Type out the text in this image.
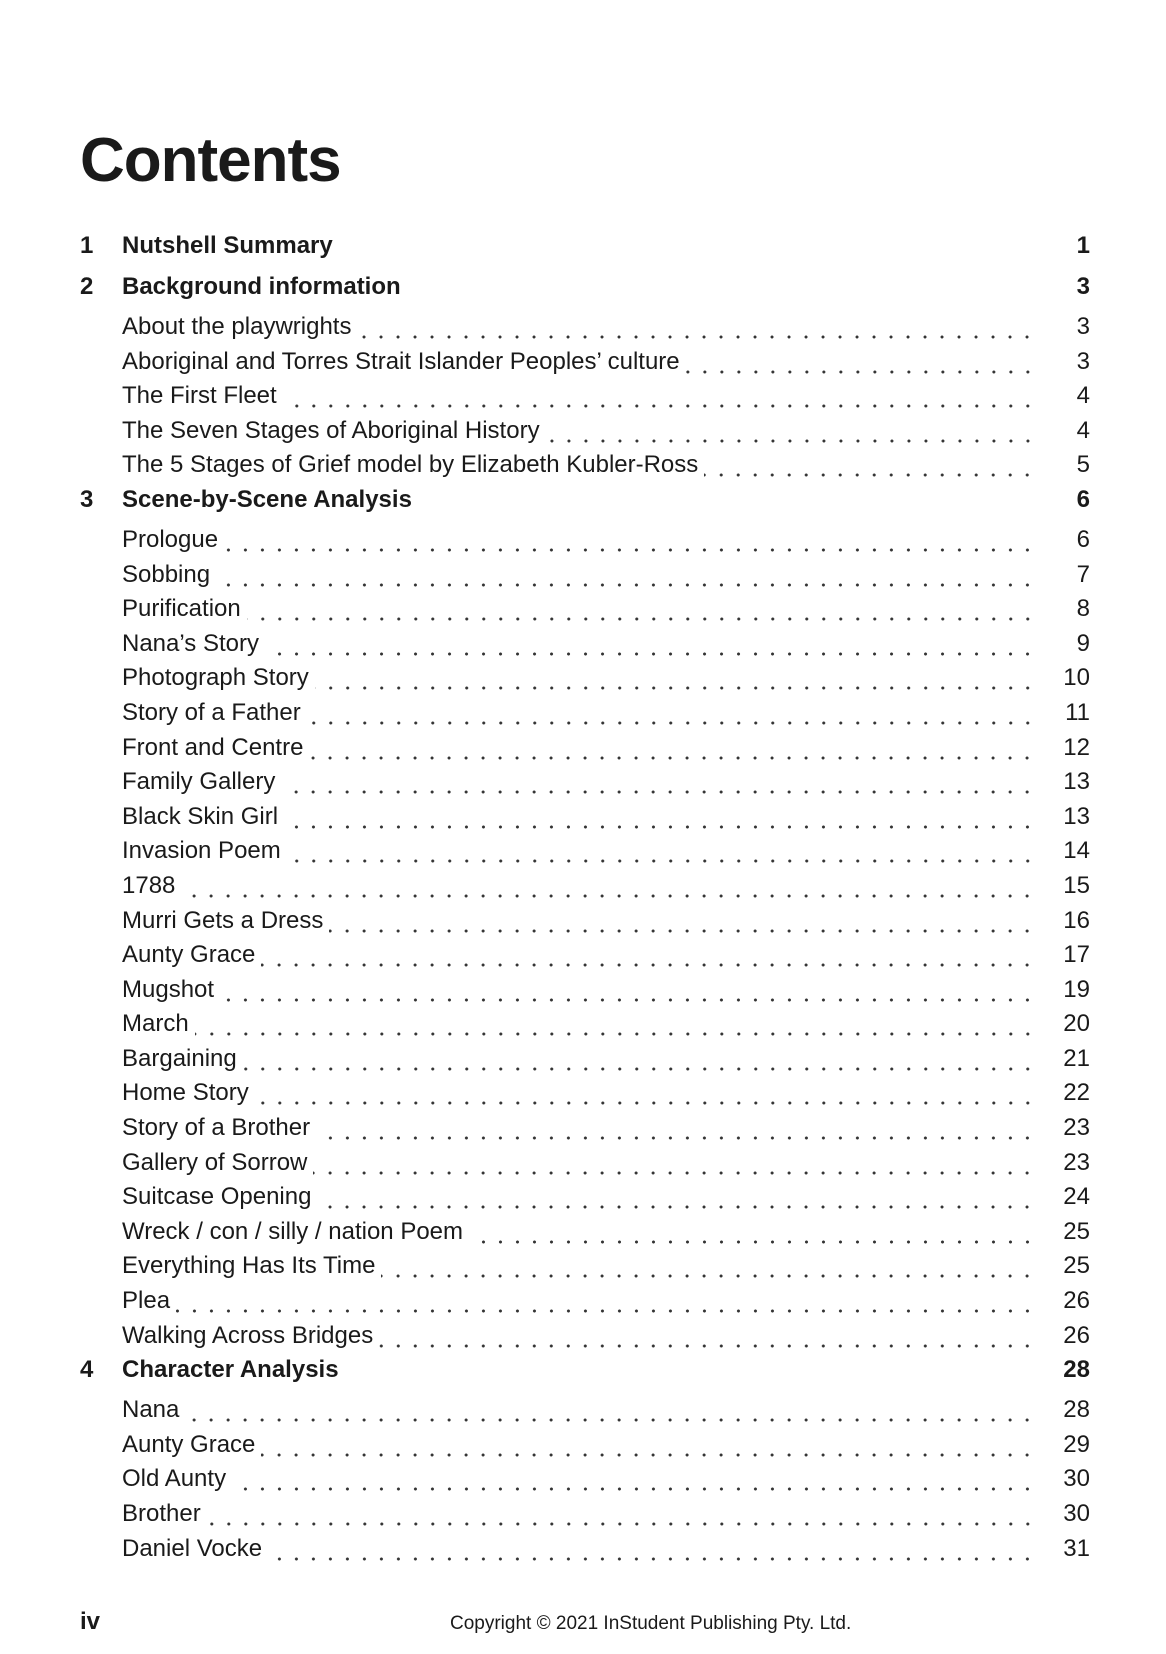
Contents
1 Nutshell Summary	1
2 Background information	3
About the playwrights	3
Aboriginal and Torres Strait Islander Peoples’ culture	3
The First Fleet	4
The Seven Stages of Aboriginal History	4
The 5 Stages of Grief model by Elizabeth Kubler-Ross	5
3 Scene-by-Scene Analysis	6
Prologue	6
Sobbing	7
Purification	8
Nana’s Story	9
Photograph Story	10
Story of a Father	11
Front and Centre	12
Family Gallery	13
Black Skin Girl	13
Invasion Poem	14
1788	15
Murri Gets a Dress	16
Aunty Grace	17
Mugshot	19
March	20
Bargaining	21
Home Story	22
Story of a Brother	23
Gallery of Sorrow	23
Suitcase Opening	24
Wreck / con / silly / nation Poem	25
Everything Has Its Time	25
Plea	26
Walking Across Bridges	26
4 Character Analysis	28
Nana	28
Aunty Grace	29
Old Aunty	30
Brother	30
Daniel Vocke	31
iv	Copyright © 2021 InStudent Publishing Pty. Ltd.
